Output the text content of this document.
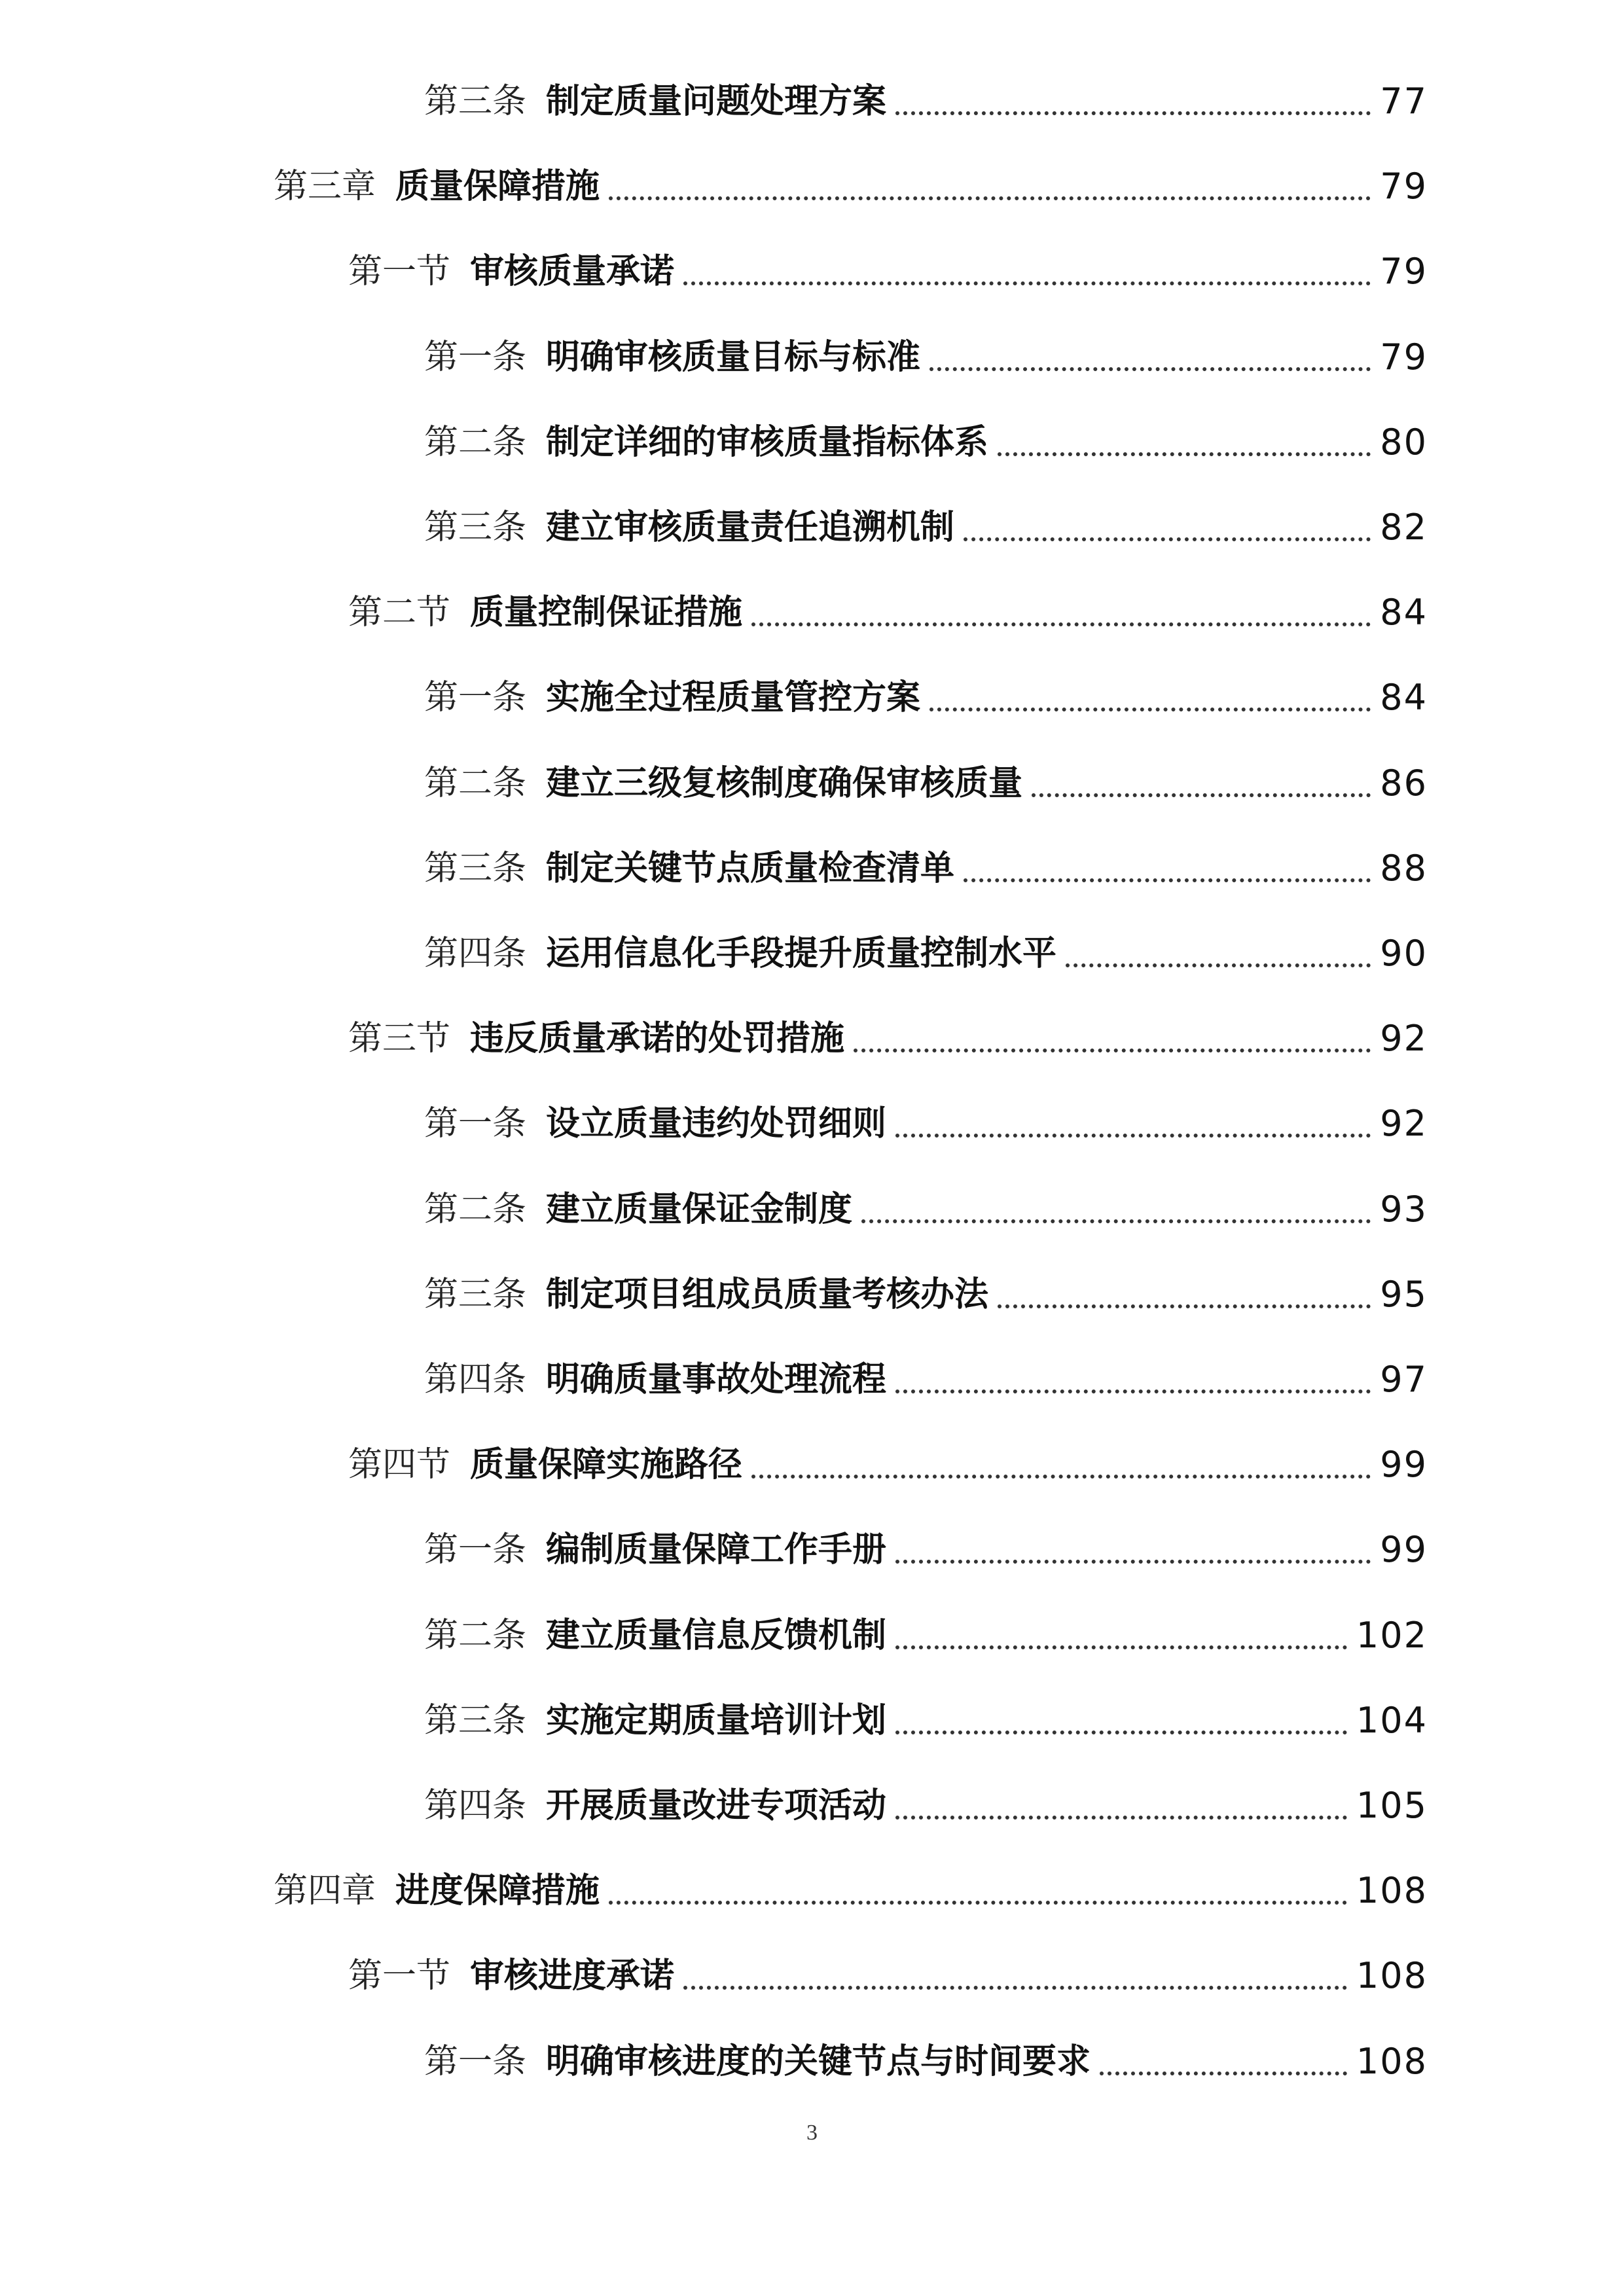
第三条 制定质量问题处理方案	77
第三章 质量保障措施	79
第一节 审核质量承诺	79
第一条 明确审核质量目标与标准	79
第二条 制定详细的审核质量指标体系	80
第三条 建立审核质量责任追溯机制	82
第二节 质量控制保证措施	84
第一条 实施全过程质量管控方案	84
第二条 建立三级复核制度确保审核质量	86
第三条 制定关键节点质量检查清单	88
第四条 运用信息化手段提升质量控制水平	90
第三节 违反质量承诺的处罚措施	92
第一条 设立质量违约处罚细则	92
第二条 建立质量保证金制度	93
第三条 制定项目组成员质量考核办法	95
第四条 明确质量事故处理流程	97
第四节 质量保障实施路径	99
第一条 编制质量保障工作手册	99
第二条 建立质量信息反馈机制	102
第三条 实施定期质量培训计划	104
第四条 开展质量改进专项活动	105
第四章 进度保障措施	108
第一节 审核进度承诺	108
第一条 明确审核进度的关键节点与时间要求	108
3
